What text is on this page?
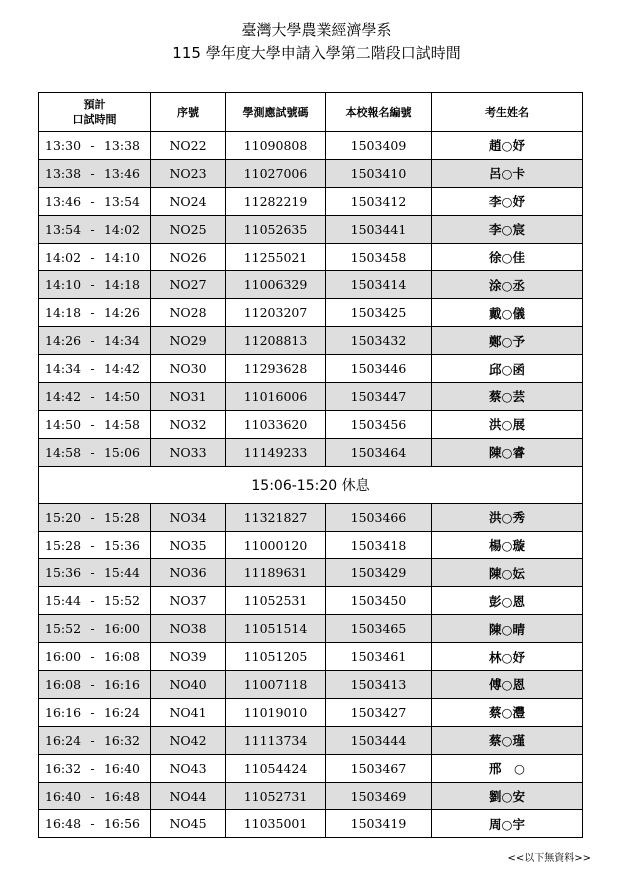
臺灣大學農業經濟學系
115 學年度大學申請入學第二階段口試時間
預計
口試時間	序號	學測應試號碼	本校報名編號	考生姓名

13:30 - 13:38	NO22	11090808	1503409	趙○妤

13:38 - 13:46	NO23	11027006	1503410	呂○卡

13:46 - 13:54	NO24	11282219	1503412	李○妤

13:54 - 14:02	NO25	11052635	1503441	李○宸

14:02 - 14:10	NO26	11255021	1503458	徐○佳

14:10 - 14:18	NO27	11006329	1503414	涂○丞

14:18 - 14:26	NO28	11203207	1503425	戴○儀

14:26 - 14:34	NO29	11208813	1503432	鄭○予

14:34 - 14:42	NO30	11293628	1503446	邱○函

14:42 - 14:50	NO31	11016006	1503447	蔡○芸

14:50 - 14:58	NO32	11033620	1503456	洪○展

14:58 - 15:06	NO33	11149233	1503464	陳○睿
15:06-15:20 休息				

15:20 - 15:28	NO34	11321827	1503466	洪○秀

15:28 - 15:36	NO35	11000120	1503418	楊○璇

15:36 - 15:44	NO36	11189631	1503429	陳○妘

15:44 - 15:52	NO37	11052531	1503450	彭○恩

15:52 - 16:00	NO38	11051514	1503465	陳○晴

16:00 - 16:08	NO39	11051205	1503461	林○妤

16:08 - 16:16	NO40	11007118	1503413	傅○恩

16:16 - 16:24	NO41	11019010	1503427	蔡○灃

16:24 - 16:32	NO42	11113734	1503444	蔡○瑾

16:32 - 16:40	NO43	11054424	1503467	邢　○

16:40 - 16:48	NO44	11052731	1503469	劉○安

16:48 - 16:56	NO45	11035001	1503419	周○宇
<<以下無資料>>
